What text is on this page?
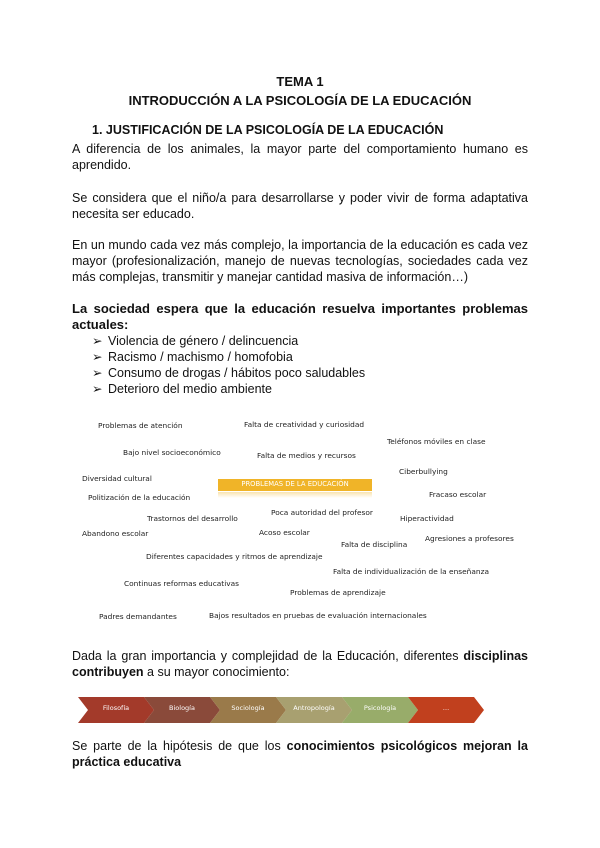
TEMA 1
INTRODUCCIÓN A LA PSICOLOGÍA DE LA EDUCACIÓN
1. JUSTIFICACIÓN DE LA PSICOLOGÍA DE LA EDUCACIÓN
A diferencia de los animales, la mayor parte del comportamiento humano es aprendido.
Se considera que el niño/a para desarrollarse y poder vivir de forma adaptativa necesita ser educado.
En un mundo cada vez más complejo, la importancia de la educación es cada vez mayor (profesionalización, manejo de nuevas tecnologías, sociedades cada vez más complejas, transmitir y manejar cantidad masiva de información…)
La sociedad espera que la educación resuelva importantes problemas actuales:
➢ Violencia de género / delincuencia
➢ Racismo / machismo / homofobia
➢ Consumo de drogas / hábitos poco saludables
➢ Deterioro del medio ambiente
PROBLEMAS DE LA EDUCACIÓN
Problemas de atención	Falta de creatividad y curiosidad
Teléfonos móviles en clase
Bajo nivel socioeconómico	Falta de medios y recursos
Diversidad cultural
Ciberbullying
Politización de la educación	Fracaso escolar
Poca autoridad del profesor
Trastornos del desarrollo	Hiperactividad
Acoso escolar
Abandono escolar
Agresiones a profesores
Falta de disciplina
Diferentes capacidades y ritmos de aprendizaje
Falta de individualización de la enseñanza
Continuas reformas educativas
Problemas de aprendizaje
Padres demandantes	Bajos resultados en pruebas de evaluación internacionales
Dada la gran importancia y complejidad de la Educación, diferentes disciplinas contribuyen a su mayor conocimiento:
Filosofía	Biología	Sociología	Antropología	Psicología	…
Se parte de la hipótesis de que los conocimientos psicológicos mejoran la práctica educativa
